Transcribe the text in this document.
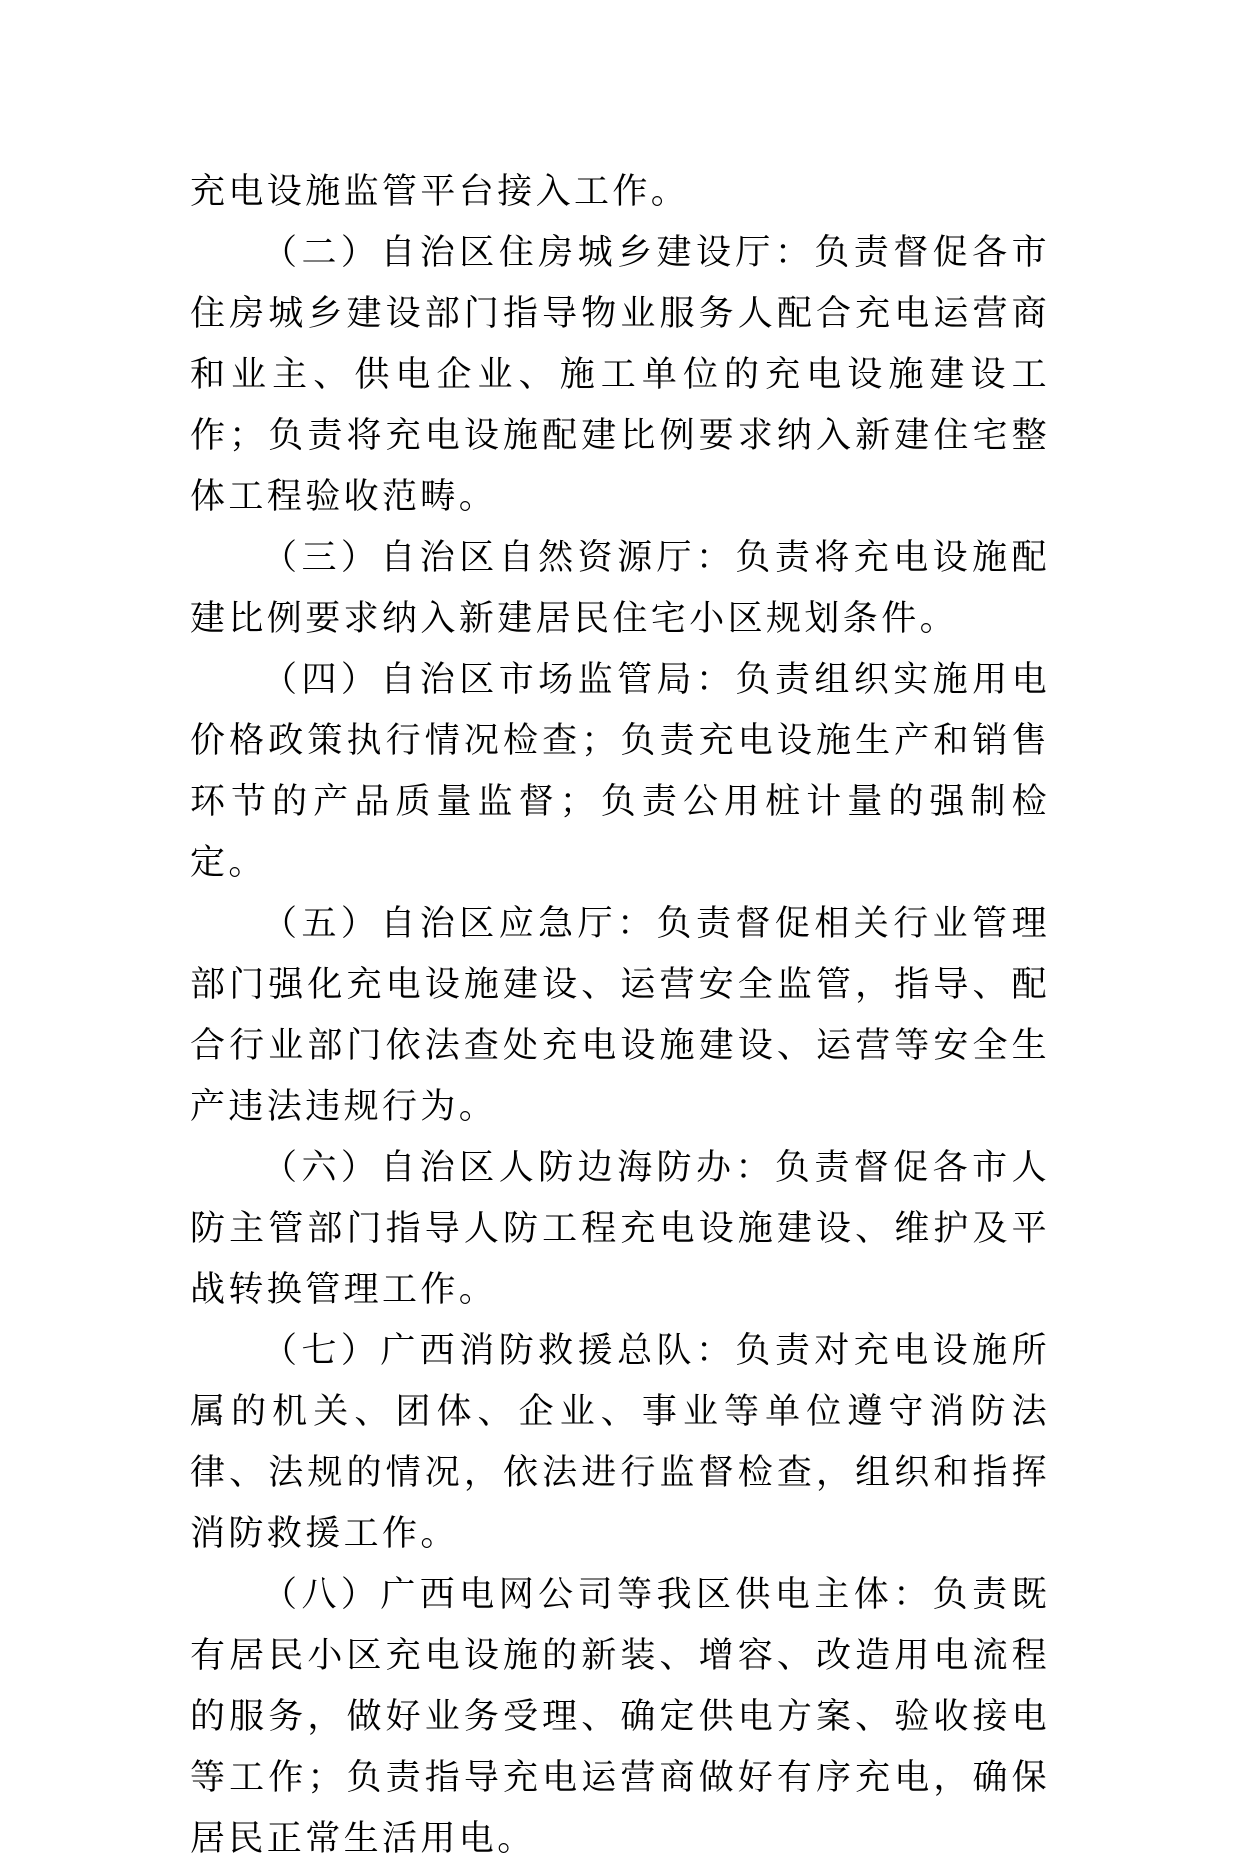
充电设施监管平台接入工作。

（二）自治区住房城乡建设厅：负责督促各市住房城乡建设部门指导物业服务人配合充电运营商和业主、供电企业、施工单位的充电设施建设工作；负责将充电设施配建比例要求纳入新建住宅整体工程验收范畴。

（三）自治区自然资源厅：负责将充电设施配建比例要求纳入新建居民住宅小区规划条件。

（四）自治区市场监管局：负责组织实施用电价格政策执行情况检查；负责充电设施生产和销售环节的产品质量监督；负责公用桩计量的强制检定。

（五）自治区应急厅：负责督促相关行业管理部门强化充电设施建设、运营安全监管，指导、配合行业部门依法查处充电设施建设、运营等安全生产违法违规行为。

（六）自治区人防边海防办：负责督促各市人防主管部门指导人防工程充电设施建设、维护及平战转换管理工作。

（七）广西消防救援总队：负责对充电设施所属的机关、团体、企业、事业等单位遵守消防法律、法规的情况，依法进行监督检查，组织和指挥消防救援工作。

（八）广西电网公司等我区供电主体：负责既有居民小区充电设施的新装、增容、改造用电流程的服务，做好业务受理、确定供电方案、验收接电等工作；负责指导充电运营商做好有序充电，确保居民正常生活用电。
